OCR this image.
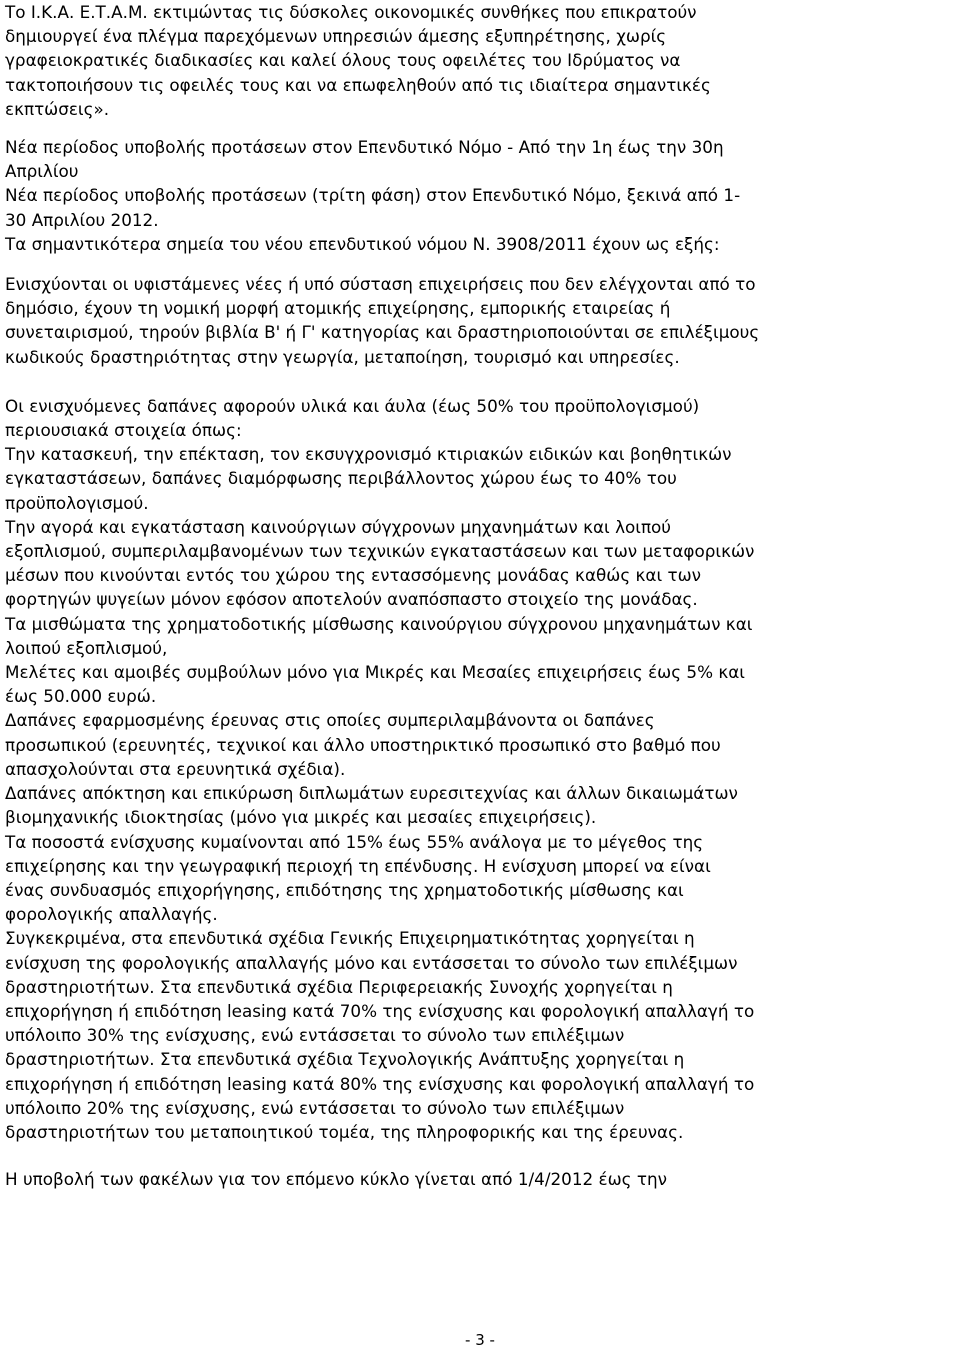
Το Ι.Κ.Α. Ε.Τ.Α.Μ. εκτιμώντας τις δύσκολες οικονομικές συνθήκες που επικρατούν
δημιουργεί ένα πλέγμα παρεχόμενων υπηρεσιών άμεσης εξυπηρέτησης, χωρίς
γραφειοκρατικές διαδικασίες και καλεί όλους τους οφειλέτες του Ιδρύματος να
τακτοποιήσουν τις οφειλές τους και να επωφεληθούν από τις ιδιαίτερα σημαντικές
εκπτώσεις».

Νέα περίοδος υποβολής προτάσεων στον Επενδυτικό Νόμο - Από την 1η έως την 30η
Απριλίου

Νέα περίοδος υποβολής προτάσεων (τρίτη φάση) στον Επενδυτικό Νόμο, ξεκινά από 1-
30 Απριλίου 2012.

Τα σημαντικότερα σημεία του νέου επενδυτικού νόμου Ν. 3908/2011 έχουν ως εξής:

Ενισχύονται οι υφιστάμενες νέες ή υπό σύσταση επιχειρήσεις που δεν ελέγχονται από το
δημόσιο, έχουν τη νομική μορφή ατομικής επιχείρησης, εμπορικής εταιρείας ή
συνεταιρισμού, τηρούν βιβλία Β' ή Γ' κατηγορίας και δραστηριοποιούνται σε επιλέξιμους
κωδικούς δραστηριότητας στην γεωργία, μεταποίηση, τουρισμό και υπηρεσίες.

Οι ενισχυόμενες δαπάνες αφορούν υλικά και άυλα (έως 50% του προϋπολογισμού)
περιουσιακά στοιχεία όπως:
Την κατασκευή, την επέκταση, τον εκσυγχρονισμό κτιριακών ειδικών και βοηθητικών
εγκαταστάσεων, δαπάνες διαμόρφωσης περιβάλλοντος χώρου έως το 40% του
προϋπολογισμού.
Την αγορά και εγκατάσταση καινούργιων σύγχρονων μηχανημάτων και λοιπού
εξοπλισμού, συμπεριλαμβανομένων των τεχνικών εγκαταστάσεων και των μεταφορικών
μέσων που κινούνται εντός του χώρου της εντασσόμενης μονάδας καθώς και των
φορτηγών ψυγείων μόνον εφόσον αποτελούν αναπόσπαστο στοιχείο της μονάδας.
Τα μισθώματα της χρηματοδοτικής μίσθωσης καινούργιου σύγχρονου μηχανημάτων και
λοιπού εξοπλισμού,
Μελέτες και αμοιβές συμβούλων μόνο για Μικρές και Μεσαίες επιχειρήσεις έως 5% και
έως 50.000 ευρώ.
Δαπάνες εφαρμοσμένης έρευνας στις οποίες συμπεριλαμβάνοντα οι δαπάνες
προσωπικού (ερευνητές, τεχνικοί και άλλο υποστηρικτικό προσωπικό στο βαθμό που
απασχολούνται στα ερευνητικά σχέδια).
Δαπάνες απόκτηση και επικύρωση διπλωμάτων ευρεσιτεχνίας και άλλων δικαιωμάτων
βιομηχανικής ιδιοκτησίας (μόνο για μικρές και μεσαίες επιχειρήσεις).
Τα ποσοστά ενίσχυσης κυμαίνονται από 15% έως 55% ανάλογα με το μέγεθος της
επιχείρησης και την γεωγραφική περιοχή τη επένδυσης. Η ενίσχυση μπορεί να είναι
ένας συνδυασμός επιχορήγησης, επιδότησης της χρηματοδοτικής μίσθωσης και
φορολογικής απαλλαγής.
Συγκεκριμένα, στα επενδυτικά σχέδια Γενικής Επιχειρηματικότητας χορηγείται η
ενίσχυση της φορολογικής απαλλαγής μόνο και εντάσσεται το σύνολο των επιλέξιμων
δραστηριοτήτων. Στα επενδυτικά σχέδια Περιφερειακής Συνοχής χορηγείται η
επιχορήγηση ή επιδότηση leasing κατά 70% της ενίσχυσης και φορολογική απαλλαγή το
υπόλοιπο 30% της ενίσχυσης, ενώ εντάσσεται το σύνολο των επιλέξιμων
δραστηριοτήτων. Στα επενδυτικά σχέδια Τεχνολογικής Ανάπτυξης χορηγείται η
επιχορήγηση ή επιδότηση leasing κατά 80% της ενίσχυσης και φορολογική απαλλαγή το
υπόλοιπο 20% της ενίσχυσης, ενώ εντάσσεται το σύνολο των επιλέξιμων
δραστηριοτήτων του μεταποιητικού τομέα, της πληροφορικής και της έρευνας.

Η υποβολή των φακέλων για τον επόμενο κύκλο γίνεται από 1/4/2012 έως την

- 3 -
